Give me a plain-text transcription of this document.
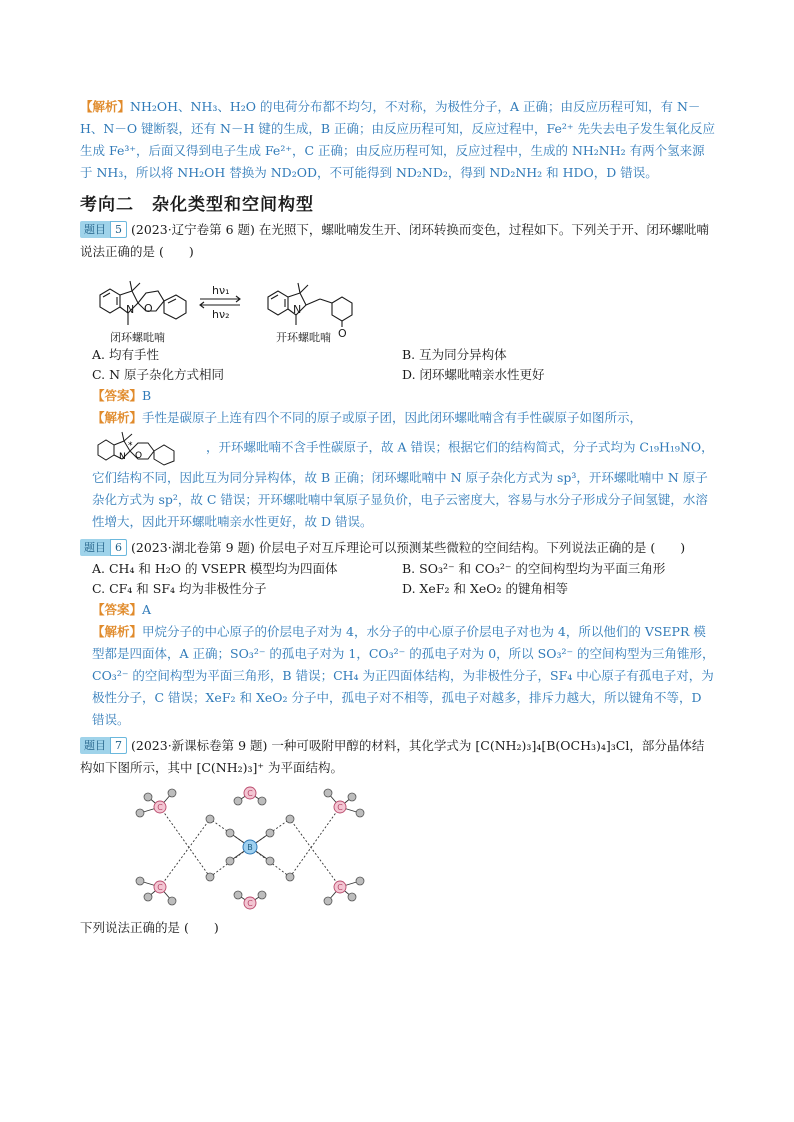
【解析】NH₂OH、NH₃、H₂O 的电荷分布都不均匀，不对称，为极性分子，A 正确；由反应历程可知，有 N－H、N－O 键断裂，还有 N－H 键的生成，B 正确；由反应历程可知，反应过程中，Fe²⁺ 先失去电子发生氧化反应生成 Fe³⁺，后面又得到电子生成 Fe²⁺，C 正确；由反应历程可知，反应过程中，生成的 NH₂NH₂ 有两个氢来源于 NH₃，所以将 NH₂OH 替换为 ND₂OD，不可能得到 ND₂ND₂，得到 ND₂NH₂ 和 HDO，D 错误。

考向二　杂化类型和空间构型
题目 5 (2023·辽宁卷第 6 题) 在光照下，螺吡喃发生开、闭环转换而变色，过程如下。下列关于开、闭环螺吡喃说法正确的是 (　　)
N O	N
O
hν₁
hν₂
闭环螺吡喃	开环螺吡喃
A. 均有手性	B. 互为同分异构体
C. N 原子杂化方式相同	D. 闭环螺吡喃亲水性更好
【答案】B
【解析】手性是碳原子上连有四个不同的原子或原子团，因此闭环螺吡喃含有手性碳原子如图所示，
N O
*	，开环螺吡喃不含手性碳原子，故 A 错误；根据它们的结构简式，分子式均为 C₁₉H₁₉NO，它们结构不同，因此互为同分异构体，故 B 正确；闭环螺吡喃中 N 原子杂化方式为 sp³，开环螺吡喃中 N 原子杂化方式为 sp²，故 C 错误；开环螺吡喃中氧原子显负价，电子云密度大，容易与水分子形成分子间氢键，水溶性增大，因此开环螺吡喃亲水性更好，故 D 错误。
题目 6 (2023·湖北卷第 9 题) 价层电子对互斥理论可以预测某些微粒的空间结构。下列说法正确的是 (　　)
A. CH₄ 和 H₂O 的 VSEPR 模型均为四面体	B. SO₃²⁻ 和 CO₃²⁻ 的空间构型均为平面三角形
C. CF₄ 和 SF₄ 均为非极性分子	D. XeF₂ 和 XeO₂ 的键角相等
【答案】A
【解析】甲烷分子的中心原子的价层电子对为 4，水分子的中心原子价层电子对也为 4，所以他们的 VSEPR 模型都是四面体，A 正确；SO₃²⁻ 的孤电子对为 1，CO₃²⁻ 的孤电子对为 0，所以 SO₃²⁻ 的空间构型为三角锥形，CO₃²⁻ 的空间构型为平面三角形，B 错误；CH₄ 为正四面体结构，为非极性分子，SF₄ 中心原子有孤电子对，为极性分子，C 错误；XeF₂ 和 XeO₂ 分子中，孤电子对不相等，孤电子对越多，排斥力越大，所以键角不等，D 错误。
题目 7 (2023·新课标卷第 9 题) 一种可吸附甲醇的材料，其化学式为 [C(NH₂)₃]₄[B(OCH₃)₄]₃Cl，部分晶体结构如下图所示，其中 [C(NH₂)₃]⁺ 为平面结构。
C
C
C
C
C
C
B
下列说法正确的是 (　　)
